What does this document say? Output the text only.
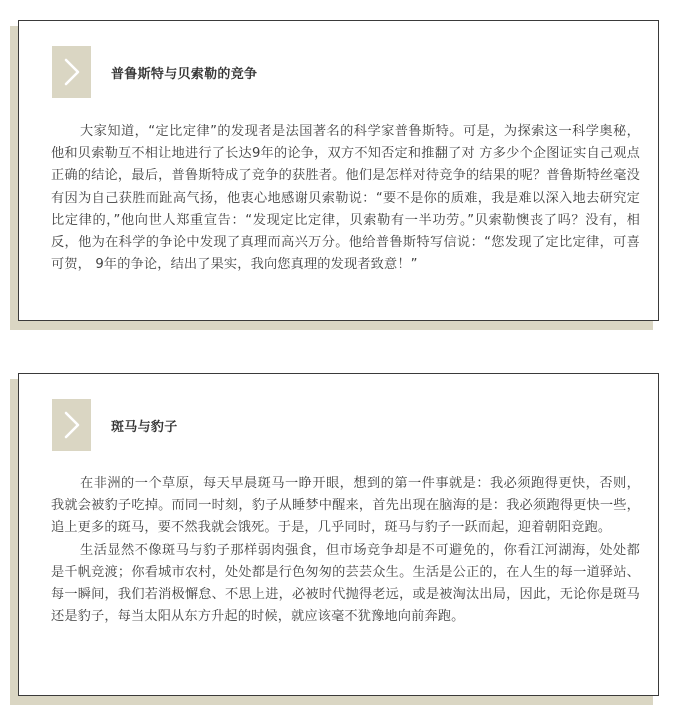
普鲁斯特与贝索勒的竞争

大家知道，“定比定律”的发现者是法国著名的科学家普鲁斯特。可是，为探索这一科学奥秘，他和贝索勒互不相让地进行了长达9年的论争，双方不知否定和推翻了对 方多少个企图证实自己观点正确的结论，最后，普鲁斯特成了竞争的获胜者。他们是怎样对待竞争的结果的呢？普鲁斯特丝毫没有因为自己获胜而趾高气扬，他衷心地感谢贝索勒说：“要不是你的质难，我是难以深入地去研究定比定律的，”他向世人郑重宣告：“发现定比定律，贝索勒有一半功劳。”贝索勒懊丧了吗？没有，相反，他为在科学的争论中发现了真理而高兴万分。他给普鲁斯特写信说：“您发现了定比定律，可喜可贺， 9年的争论，结出了果实，我向您真理的发现者致意！”

斑马与豹子

在非洲的一个草原，每天早晨斑马一睁开眼，想到的第一件事就是：我必须跑得更快，否则，我就会被豹子吃掉。而同一时刻，豹子从睡梦中醒来，首先出现在脑海的是：我必须跑得更快一些，追上更多的斑马，要不然我就会饿死。于是，几乎同时，斑马与豹子一跃而起，迎着朝阳竞跑。

生活显然不像斑马与豹子那样弱肉强食，但市场竞争却是不可避免的，你看江河湖海，处处都是千帆竞渡；你看城市农村，处处都是行色匆匆的芸芸众生。生活是公正的，在人生的每一道驿站、每一瞬间，我们若消极懈怠、不思上进，必被时代抛得老远，或是被淘汰出局，因此，无论你是斑马还是豹子，每当太阳从东方升起的时候，就应该毫不犹豫地向前奔跑。
